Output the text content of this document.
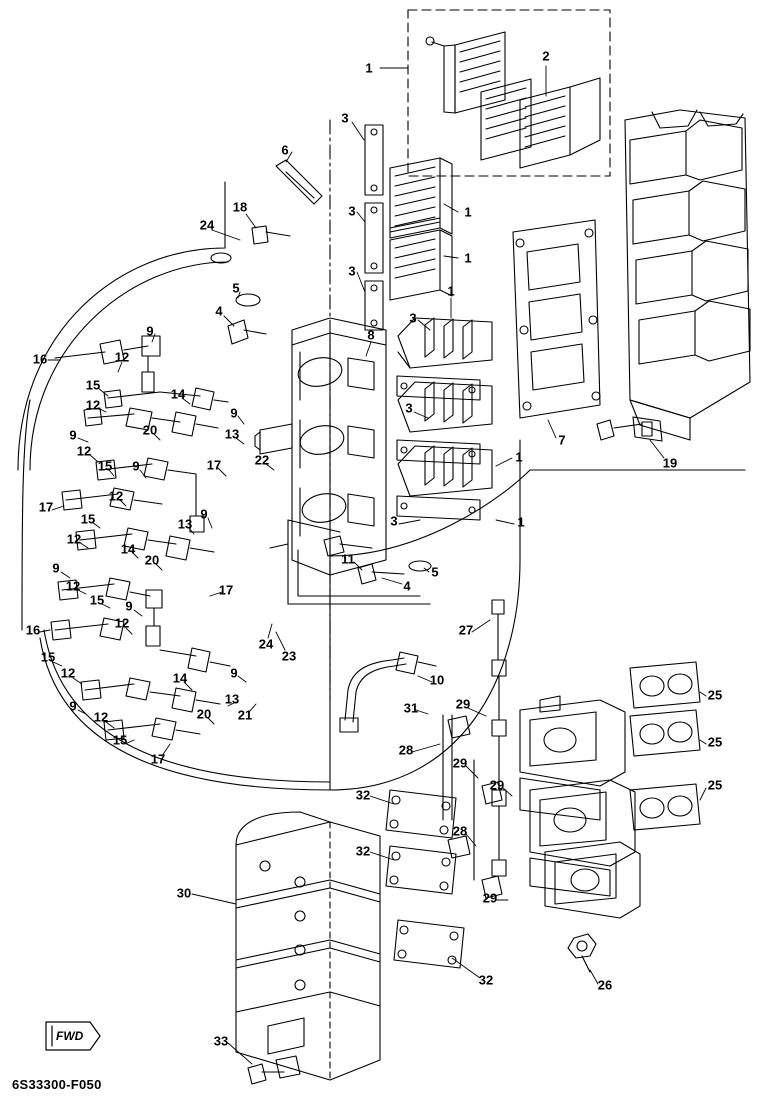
1
2
3
6
3	1
24
18
3
1
5
4
1
3
9	8
16	12
7
15
3
12
14
9
19
9	20	13
1
12
22
15 9	17
17
12
15	13
9	3	1
12
14
20	11
5
9
12	17	4
15 9
23
24
27
16	12
15
12	14	9	10
25
9
12
13
20 21	31	29
15
17
25
28
29
29	25
32
28
32
30	29
32	26
33
FWD
6S33300-F050
